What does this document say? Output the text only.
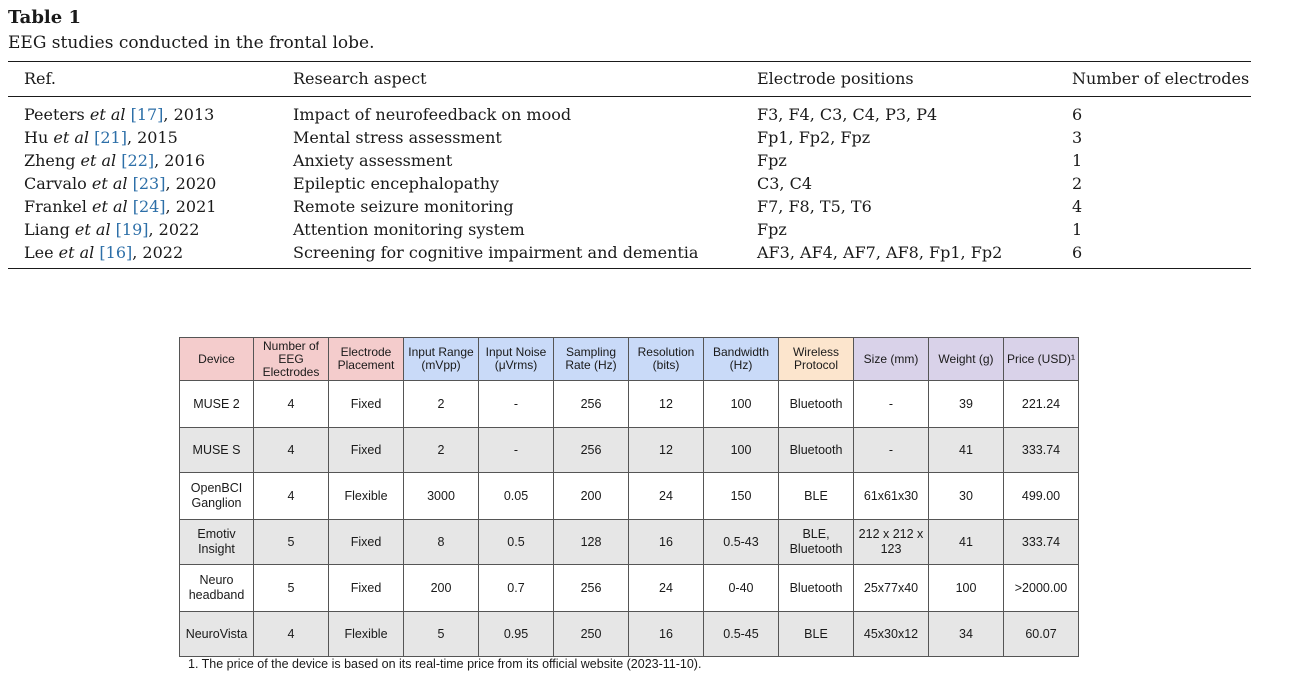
Table 1
EEG studies conducted in the frontal lobe.
Ref.	Research aspect	Electrode positions	Number of electrodes
Peeters et al [17], 2013	Impact of neurofeedback on mood	F3, F4, C3, C4, P3, P4	6
Hu et al [21], 2015	Mental stress assessment	Fp1, Fp2, Fpz	3
Zheng et al [22], 2016	Anxiety assessment	Fpz	1
Carvalo et al [23], 2020	Epileptic encephalopathy	C3, C4	2
Frankel et al [24], 2021	Remote seizure monitoring	F7, F8, T5, T6	4
Liang et al [19], 2022	Attention monitoring system	Fpz	1
Lee et al [16], 2022	Screening for cognitive impairment and dementia	AF3, AF4, AF7, AF8, Fp1, Fp2	6
Device	Number of EEG Electrodes	Electrode Placement	Input Range (mVpp)	Input Noise (μVrms)	Sampling Rate (Hz)	Resolution (bits)	Bandwidth (Hz)	Wireless Protocol	Size (mm)	Weight (g)	Price (USD)¹
MUSE 2	4	Fixed	2	-	256	12	100	Bluetooth	-	39	221.24
MUSE S	4	Fixed	2	-	256	12	100	Bluetooth	-	41	333.74
OpenBCI Ganglion	4	Flexible	3000	0.05	200	24	150	BLE	61x61x30	30	499.00
Emotiv Insight	5	Fixed	8	0.5	128	16	0.5-43	BLE, Bluetooth	212 x 212 x 123	41	333.74
Neuro headband	5	Fixed	200	0.7	256	24	0-40	Bluetooth	25x77x40	100	>2000.00
NeuroVista	4	Flexible	5	0.95	250	16	0.5-45	BLE	45x30x12	34	60.07
1. The price of the device is based on its real-time price from its official website (2023-11-10).
